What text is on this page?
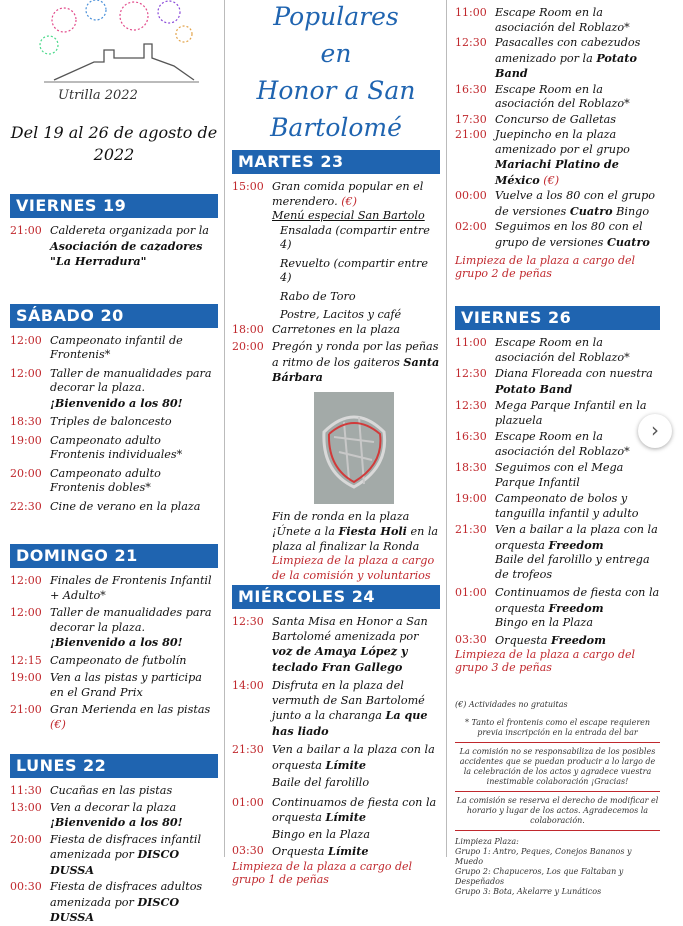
Utrilla 2022
Del 19 al 26 de agosto de 2022
VIERNES 19
21:00 Caldereta organizada por la Asociación de cazadores "La Herradura"
SÁBADO 20
12:00 Campeonato infantil de Frontenis*
12:00 Taller de manualidades para decorar la plaza. ¡Bienvenido a los 80!
18:30 Triples de baloncesto
19:00 Campeonato adulto Frontenis individuales*
20:00 Campeonato adulto Frontenis dobles*
22:30 Cine de verano en la plaza
DOMINGO 21
12:00 Finales de Frontenis Infantil + Adulto*
12:00 Taller de manualidades para decorar la plaza. ¡Bienvenido a los 80!
12:15 Campeonato de futbolín
19:00 Ven a las pistas y participa en el Grand Prix
21:00 Gran Merienda en las pistas (€)
LUNES 22
11:30 Cucañas en las pistas
13:00 Ven a decorar la plaza ¡Bienvenido a los 80!
20:00 Fiesta de disfraces infantil amenizada por DISCO DUSSA
00:30 Fiesta de disfraces adultos amenizada por DISCO DUSSA
Populares
en
Honor a San
Bartolomé
MARTES 23
15:00 Gran comida popular en el merendero. (€)
Menú especial San Bartolo
Ensalada (compartir entre 4)
Revuelto (compartir entre 4)
Rabo de Toro
Postre, Lacitos y café
18:00 Carretones en la plaza
20:00 Pregón y ronda por las peñas a ritmo de los gaiteros Santa Bárbara
Fin de ronda en la plaza ¡Únete a la Fiesta Holi en la plaza al finalizar la Ronda
Limpieza de la plaza a cargo de la comisión y voluntarios
MIÉRCOLES 24
12:30 Santa Misa en Honor a San Bartolomé amenizada por voz de Amaya López y teclado Fran Gallego
14:00 Disfruta en la plaza del vermuth de San Bartolomé junto a la charanga La que has liado
21:30 Ven a bailar a la plaza con la orquesta Límite
Baile del farolillo
01:00 Continuamos de fiesta con la orquesta Límite
Bingo en la Plaza
03:30 Orquesta Límite
Limpieza de la plaza a cargo del grupo 1 de peñas
11:00 Escape Room en la asociación del Roblazo*
12:30 Pasacalles con cabezudos amenizado por la Potato Band
16:30 Escape Room en la asociación del Roblazo*
17:30 Concurso de Galletas
21:00 Juepincho en la plaza amenizado por el grupo Mariachi Platino de México (€)
00:00 Vuelve a los 80 con el grupo de versiones Cuatro Bingo
02:00 Seguimos en los 80 con el grupo de versiones Cuatro
Limpieza de la plaza a cargo del grupo 2 de peñas
VIERNES 26
11:00 Escape Room en la asociación del Roblazo*
12:30 Diana Floreada con nuestra Potato Band
12:30 Mega Parque Infantil en la plazuela
16:30 Escape Room en la asociación del Roblazo*
18:30 Seguimos con el Mega Parque Infantil
19:00 Campeonato de bolos y tanguilla infantil y adulto
21:30 Ven a bailar a la plaza con la orquesta Freedom
Baile del farolillo y entrega de trofeos
01:00 Continuamos de fiesta con la orquesta Freedom
Bingo en la Plaza
03:30 Orquesta Freedom
Limpieza de la plaza a cargo del grupo 3 de peñas
(€) Actividades no gratuitas
* Tanto el frontenis como el escape requieren previa inscripción en la entrada del bar
La comisión no se responsabiliza de los posibles accidentes que se puedan producir a lo largo de la celebración de los actos y agradece vuestra inestimable colaboración ¡Gracias!
La comisión se reserva el derecho de modificar el horario y lugar de los actos. Agradecemos la colaboración.
Limpieza Plaza:
Grupo 1: Antro, Peques, Conejos Bananos y Muedo
Grupo 2: Chapuceros, Los que Faltaban y Despeñados
Grupo 3: Bota, Akelarre y Lunáticos
›
